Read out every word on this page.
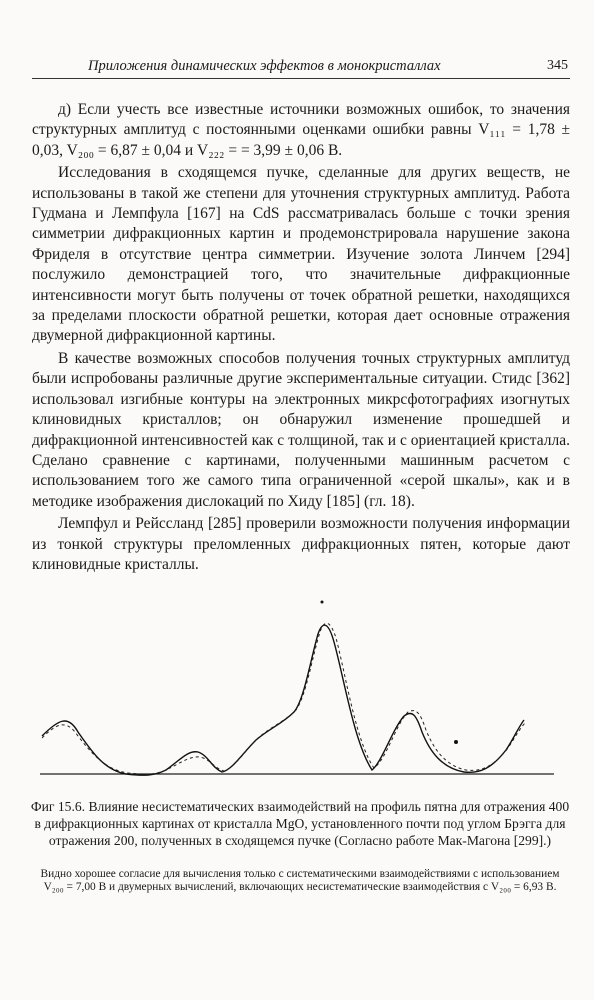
Приложения динамических эффектов в монокристаллах	345

д) Если учесть все известные источники возможных ошибок, то значения структурных амплитуд с постоянными оценками ошибки равны V₁₁₁ = 1,78 ± 0,03, V₂₀₀ = 6,87 ± 0,04 и V₂₂₂ = = 3,99 ± 0,06 В.

Исследования в сходящемся пучке, сделанные для других веществ, не использованы в такой же степени для уточнения структурных амплитуд. Работа Гудмана и Лемпфула [167] на CdS рассматривалась больше с точки зрения симметрии дифракционных картин и продемонстрировала нарушение закона Фриделя в отсутствие центра симметрии. Изучение золота Линчем [294] послужило демонстрацией того, что значительные дифракционные интенсивности могут быть получены от точек обратной решетки, находящихся за пределами плоскости обратной решетки, которая дает основные отражения двумерной дифракционной картины.

В качестве возможных способов получения точных структурных амплитуд были испробованы различные другие экспериментальные ситуации. Стидс [362] использовал изгибные контуры на электронных микрсфотографиях изогнутых клиновидных кристаллов; он обнаружил изменение прошедшей и дифракционной интенсивностей как с толщиной, так и с ориентацией кристалла. Сделано сравнение с картинами, полученными машинным расчетом с использованием того же самого типа ограниченной «серой шкалы», как и в методике изображения дислокаций по Хиду [185] (гл. 18).

Лемпфул и Рейссланд [285] проверили возможности получения информации из тонкой структуры преломленных дифракционных пятен, которые дают клиновидные кристаллы.

Фиг 15.6. Влияние несистематических взаимодействий на профиль пятна для отражения 400 в дифракционных картинах от кристалла MgO, установленного почти под углом Брэгга для отражения 200, полученных в сходящемся пучке (Согласно работе Мак-Магона [299].)
Видно хорошее согласие для вычисления только с систематическими взаимодействиями с использованием V₂₀₀ = 7,00 В и двумерных вычислений, включающих несистематические взаимодействия с V₂₀₀ = 6,93 В.
